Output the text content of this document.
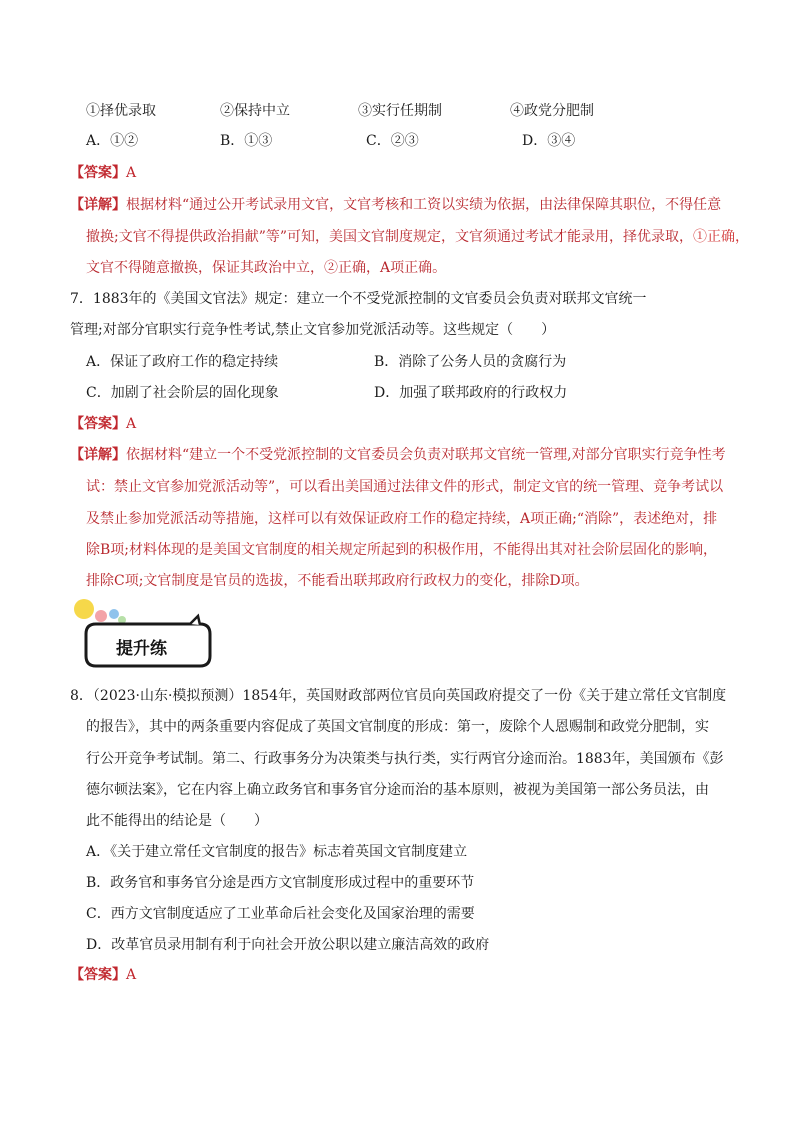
①择优录取	②保持中立	③实行任期制	④政党分肥制
A．①②	B．①③	C．②③	D．③④
【答案】A
【详解】根据材料“通过公开考试录用文官，文官考核和工资以实绩为依据，由法律保障其职位，不得任意
撤换;文官不得提供政治捐献”等”可知，美国文官制度规定，文官须通过考试才能录用，择优录取，①正确，
文官不得随意撤换，保证其政治中立，②正确，A项正确。
7．1883年的《美国文官法》规定：建立一个不受党派控制的文官委员会负责对联邦文官统一
管理;对部分官职实行竞争性考试,禁止文官参加党派活动等。这些规定（　　）
A．保证了政府工作的稳定持续	B．消除了公务人员的贪腐行为
C．加剧了社会阶层的固化现象	D．加强了联邦政府的行政权力
【答案】A
【详解】依据材料“建立一个不受党派控制的文官委员会负责对联邦文官统一管理,对部分官职实行竞争性考
试：禁止文官参加党派活动等”，可以看出美国通过法律文件的形式，制定文官的统一管理、竞争考试以
及禁止参加党派活动等措施，这样可以有效保证政府工作的稳定持续，A项正确;“消除”，表述绝对，排
除B项;材料体现的是美国文官制度的相关规定所起到的积极作用，不能得出其对社会阶层固化的影响，
排除C项;文官制度是官员的选拔，不能看出联邦政府行政权力的变化，排除D项。
提升练
8．（2023·山东·模拟预测）1854年，英国财政部两位官员向英国政府提交了一份《关于建立常任文官制度
的报告》，其中的两条重要内容促成了英国文官制度的形成：第一，废除个人恩赐制和政党分肥制，实
行公开竞争考试制。第二、行政事务分为决策类与执行类，实行两官分途而治。1883年，美国颁布《彭
德尔顿法案》，它在内容上确立政务官和事务官分途而治的基本原则，被视为美国第一部公务员法，由
此不能得出的结论是（　　）
A．《关于建立常任文官制度的报告》标志着英国文官制度建立
B．政务官和事务官分途是西方文官制度形成过程中的重要环节
C．西方文官制度适应了工业革命后社会变化及国家治理的需要
D．改革官员录用制有利于向社会开放公职以建立廉洁高效的政府
【答案】A
